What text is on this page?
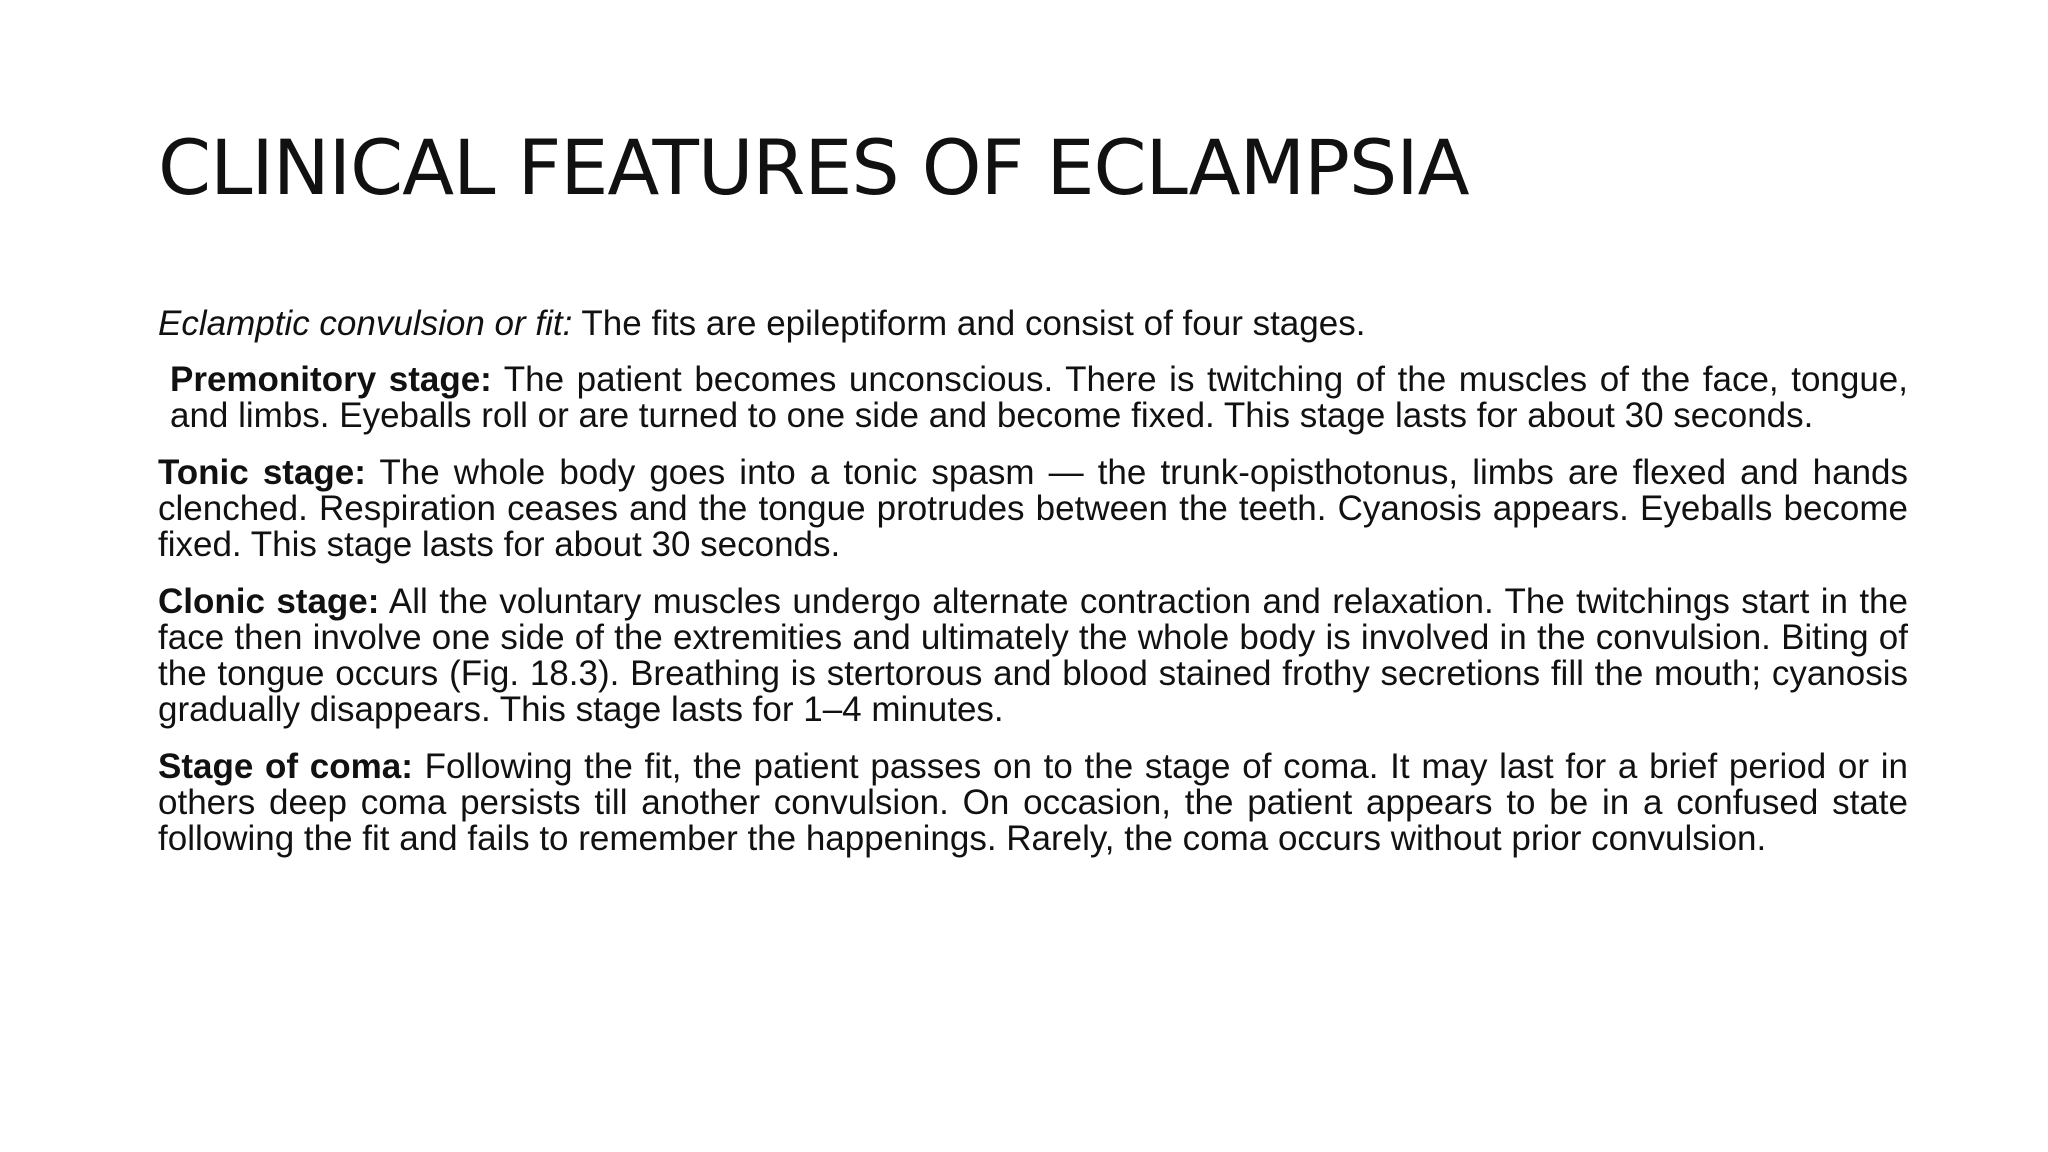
CLINICAL FEATURES OF ECLAMPSIA

Eclamptic convulsion or fit: The fits are epileptiform and consist of four stages.

Premonitory stage: The patient becomes unconscious. There is twitching of the muscles of the face, tongue, and limbs. Eyeballs roll or are turned to one side and become fixed. This stage lasts for about 30 seconds.

Tonic stage: The whole body goes into a tonic spasm — the trunk-opisthotonus, limbs are flexed and hands clenched. Respiration ceases and the tongue protrudes between the teeth. Cyanosis appears. Eyeballs become fixed. This stage lasts for about 30 seconds.

Clonic stage: All the voluntary muscles undergo alternate contraction and relaxation. The twitchings start in the face then involve one side of the extremities and ultimately the whole body is involved in the convulsion. Biting of the tongue occurs (Fig. 18.3). Breathing is stertorous and blood stained frothy secretions fill the mouth; cyanosis gradually disappears. This stage lasts for 1–4 minutes.

Stage of coma: Following the fit, the patient passes on to the stage of coma. It may last for a brief period or in others deep coma persists till another convulsion. On occasion, the patient appears to be in a confused state following the fit and fails to remember the happenings. Rarely, the coma occurs without prior convulsion.
